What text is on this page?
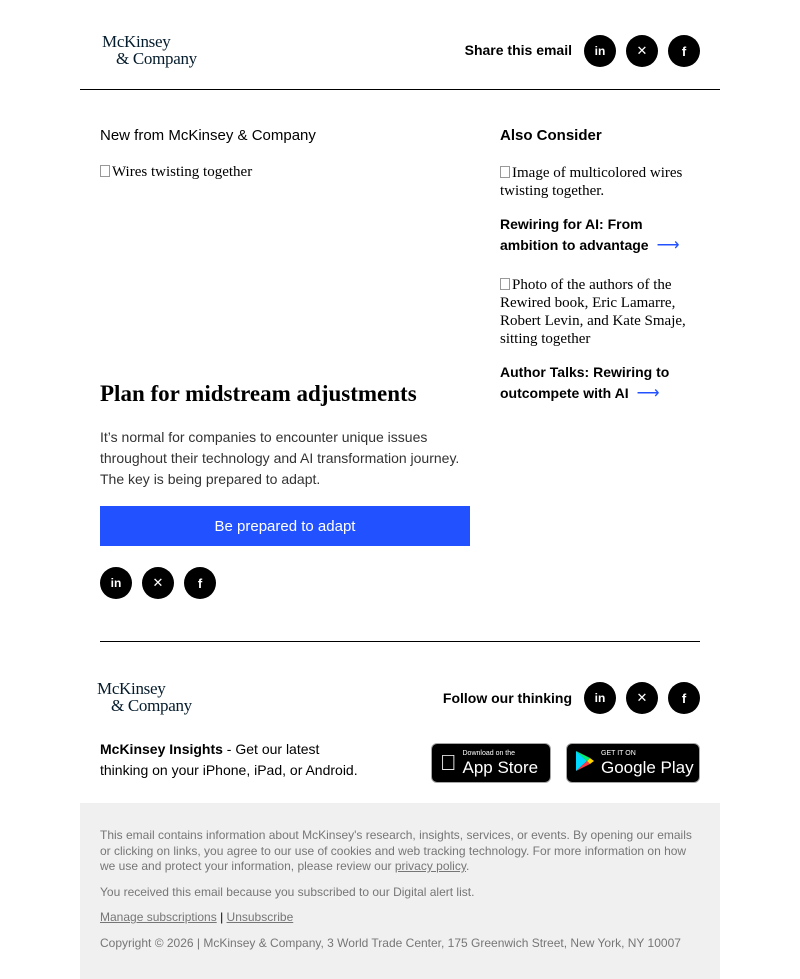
McKinsey
& Company	Share this email in ✕	f
New from McKinsey & Company
Wires twisting together
Plan for midstream adjustments
It’s normal for companies to encounter unique issues throughout their technology and AI transformation journey. The key is being prepared to adapt.
Be prepared to adapt
in ✕	f
Also Consider
Image of multicolored wires twisting together.
Rewiring for AI: From ambition to advantage ⟶
Photo of the authors of the Rewired book, Eric Lamarre, Robert Levin, and Kate Smaje, sitting together
Author Talks: Rewiring to outcompete with AI ⟶
McKinsey
& Company	Follow our thinking in ✕	f
McKinsey Insights - Get our latest thinking on your iPhone, iPad, or Android.
Download on the
App Store
GET IT ON
Google Play

This email contains information about McKinsey's research, insights, services, or events. By opening our emails or clicking on links, you agree to our use of cookies and web tracking technology. For more information on how we use and protect your information, please review our privacy policy.

You received this email because you subscribed to our Digital alert list.

Manage subscriptions | Unsubscribe

Copyright © 2026 | McKinsey & Company, 3 World Trade Center, 175 Greenwich Street, New York, NY 10007
